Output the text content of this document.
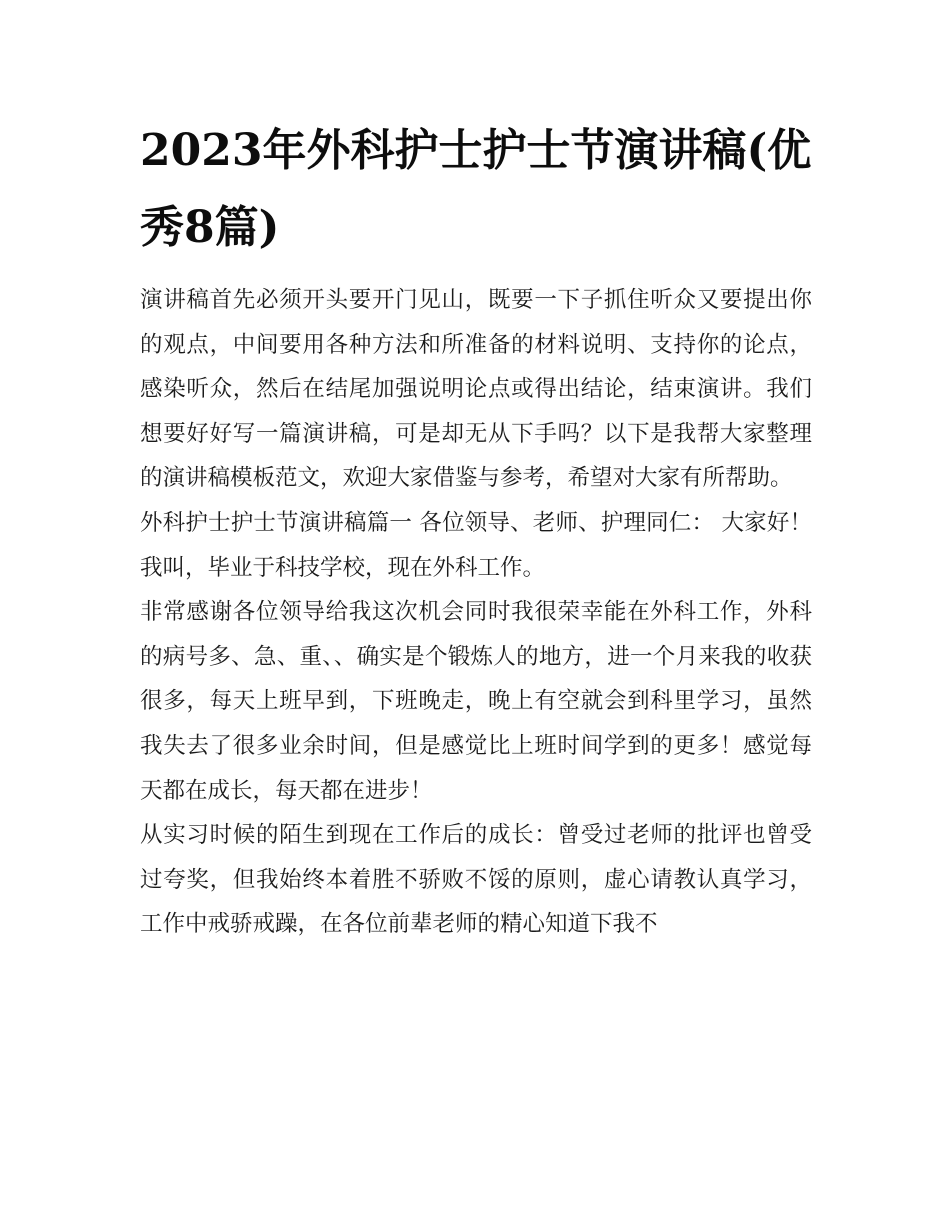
2023年外科护士护士节演讲稿(优秀8篇)

演讲稿首先必须开头要开门见山，既要一下子抓住听众又要提出你的观点，中间要用各种方法和所准备的材料说明、支持你的论点，感染听众，然后在结尾加强说明论点或得出结论，结束演讲。我们想要好好写一篇演讲稿，可是却无从下手吗？以下是我帮大家整理的演讲稿模板范文，欢迎大家借鉴与参考，希望对大家有所帮助。

外科护士护士节演讲稿篇一 各位领导、老师、护理同仁： 大家好！ 我叫，毕业于科技学校，现在外科工作。

非常感谢各位领导给我这次机会同时我很荣幸能在外科工作，外科的病号多、急、重、、确实是个锻炼人的地方，进一个月来我的收获很多，每天上班早到，下班晚走，晚上有空就会到科里学习，虽然我失去了很多业余时间，但是感觉比上班时间学到的更多！感觉每天都在成长，每天都在进步！

从实习时候的陌生到现在工作后的成长：曾受过老师的批评也曾受过夸奖，但我始终本着胜不骄败不馁的原则，虚心请教认真学习，工作中戒骄戒躁，在各位前辈老师的精心知道下我不
